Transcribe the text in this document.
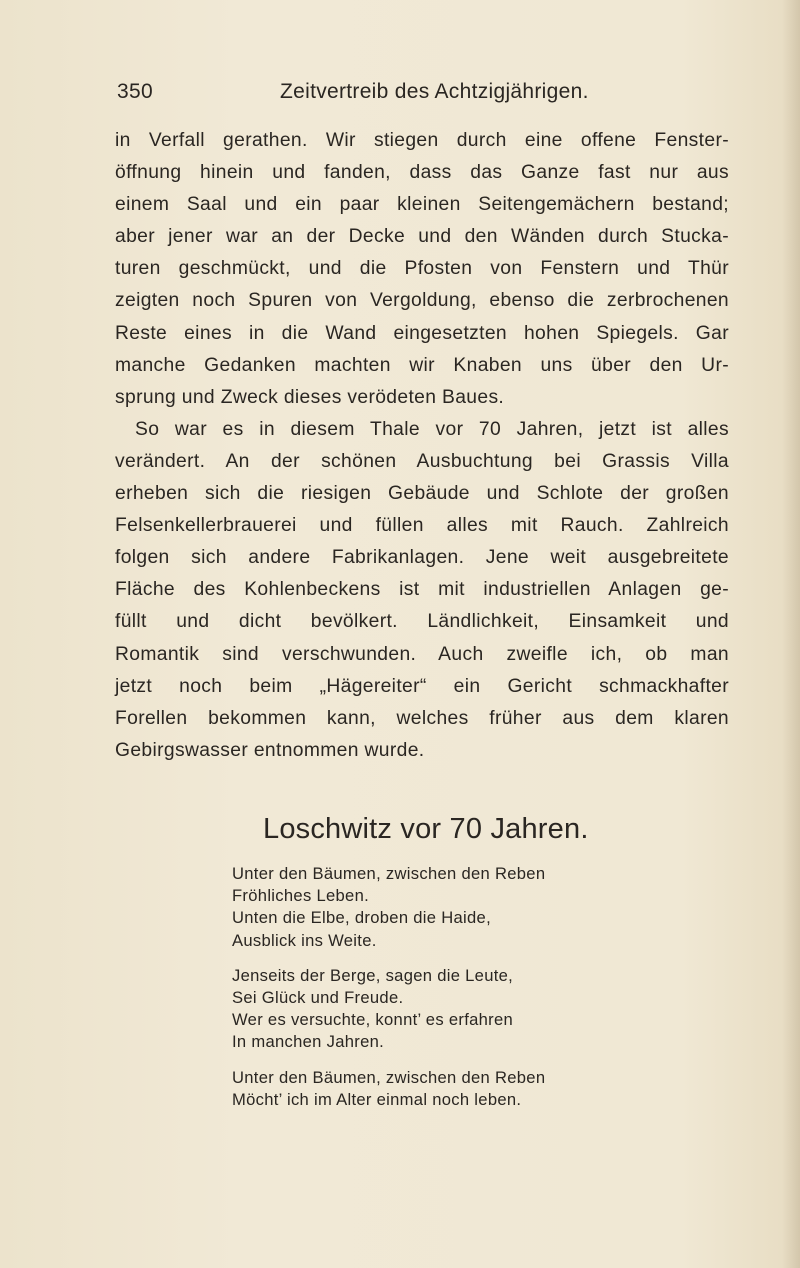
350	Zeitvertreib des Achtzigjährigen.
in Verfall gerathen. Wir stiegen durch eine offene Fenster-
öffnung hinein und fanden, dass das Ganze fast nur aus
einem Saal und ein paar kleinen Seitengemächern bestand;
aber jener war an der Decke und den Wänden durch Stucka-
turen geschmückt, und die Pfosten von Fenstern und Thür
zeigten noch Spuren von Vergoldung, ebenso die zerbrochenen
Reste eines in die Wand eingesetzten hohen Spiegels. Gar
manche Gedanken machten wir Knaben uns über den Ur-
sprung und Zweck dieses verödeten Baues.
So war es in diesem Thale vor 70 Jahren, jetzt ist alles
verändert. An der schönen Ausbuchtung bei Grassis Villa
erheben sich die riesigen Gebäude und Schlote der großen
Felsenkellerbrauerei und füllen alles mit Rauch. Zahlreich
folgen sich andere Fabrikanlagen. Jene weit ausgebreitete
Fläche des Kohlenbeckens ist mit industriellen Anlagen ge-
füllt und dicht bevölkert. Ländlichkeit, Einsamkeit und
Romantik sind verschwunden. Auch zweifle ich, ob man
jetzt noch beim „Hägereiter“ ein Gericht schmackhafter
Forellen bekommen kann, welches früher aus dem klaren
Gebirgswasser entnommen wurde.
Loschwitz vor 70 Jahren.
Unter den Bäumen, zwischen den Reben
Fröhliches Leben.
Unten die Elbe, droben die Haide,
Ausblick ins Weite.
Jenseits der Berge, sagen die Leute,
Sei Glück und Freude.
Wer es versuchte, konnt’ es erfahren
In manchen Jahren.
Unter den Bäumen, zwischen den Reben
Möcht’ ich im Alter einmal noch leben.
